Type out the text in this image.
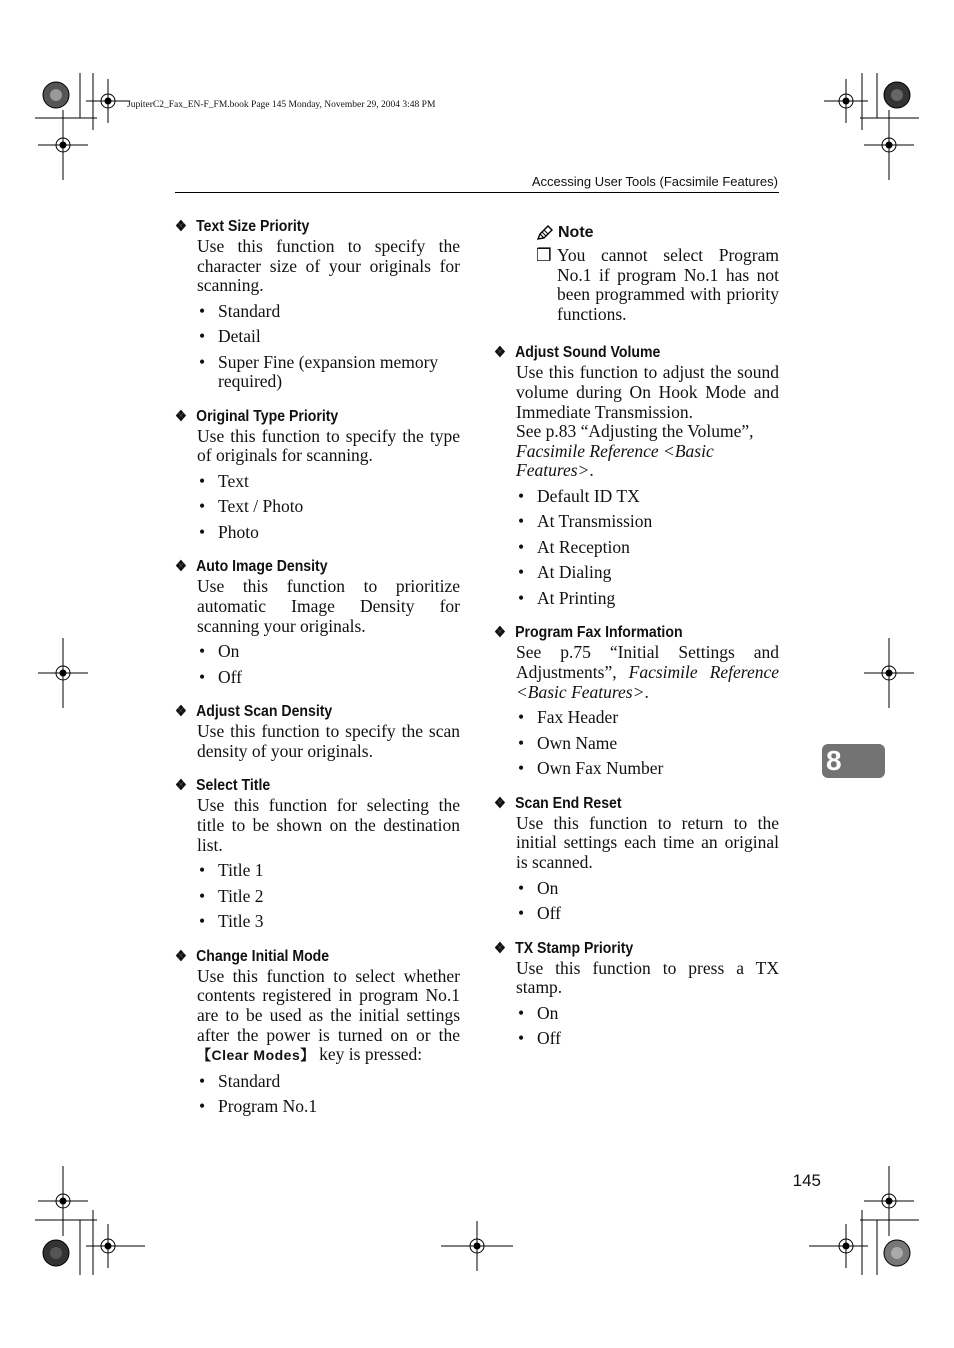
JupiterC2_Fax_EN-F_FM.book Page 145 Monday, November 29, 2004 3:48 PM
Accessing User Tools (Facsimile Features)
❖ Text Size Priority

Use this function to specify the character size of your originals for scanning.

• Standard
• Detail
• Super Fine (expansion memory required)
❖ Original Type Priority

Use this function to specify the type of originals for scanning.

• Text
• Text / Photo
• Photo
❖ Auto Image Density

Use this function to prioritize automatic Image Density for scanning your originals.

• On
• Off
❖ Adjust Scan Density

Use this function to specify the scan density of your originals.

❖ Select Title

Use this function for selecting the title to be shown on the destination list.

• Title 1
• Title 2
• Title 3
❖ Change Initial Mode

Use this function to select whether contents registered in program No.1 are to be used as the initial settings after the power is turned on or the 【Clear Modes】 key is pressed:

• Standard
• Program No.1
Note
❒ You cannot select Program No.1 if program No.1 has not been programmed with priority functions.
❖ Adjust Sound Volume

Use this function to adjust the sound volume during On Hook Mode and Immediate Transmission.

See p.83 “Adjusting the Volume”, Facsimile Reference <Basic Features>.

• Default ID TX
• At Transmission
• At Reception
• At Dialing
• At Printing
❖ Program Fax Information

See p.75 “Initial Settings and Adjustments”, Facsimile Reference <Basic Features>.

• Fax Header
• Own Name
• Own Fax Number
❖ Scan End Reset

Use this function to return to the initial settings each time an original is scanned.

• On
• Off
❖ TX Stamp Priority

Use this function to press a TX stamp.

• On
• Off
8
145
